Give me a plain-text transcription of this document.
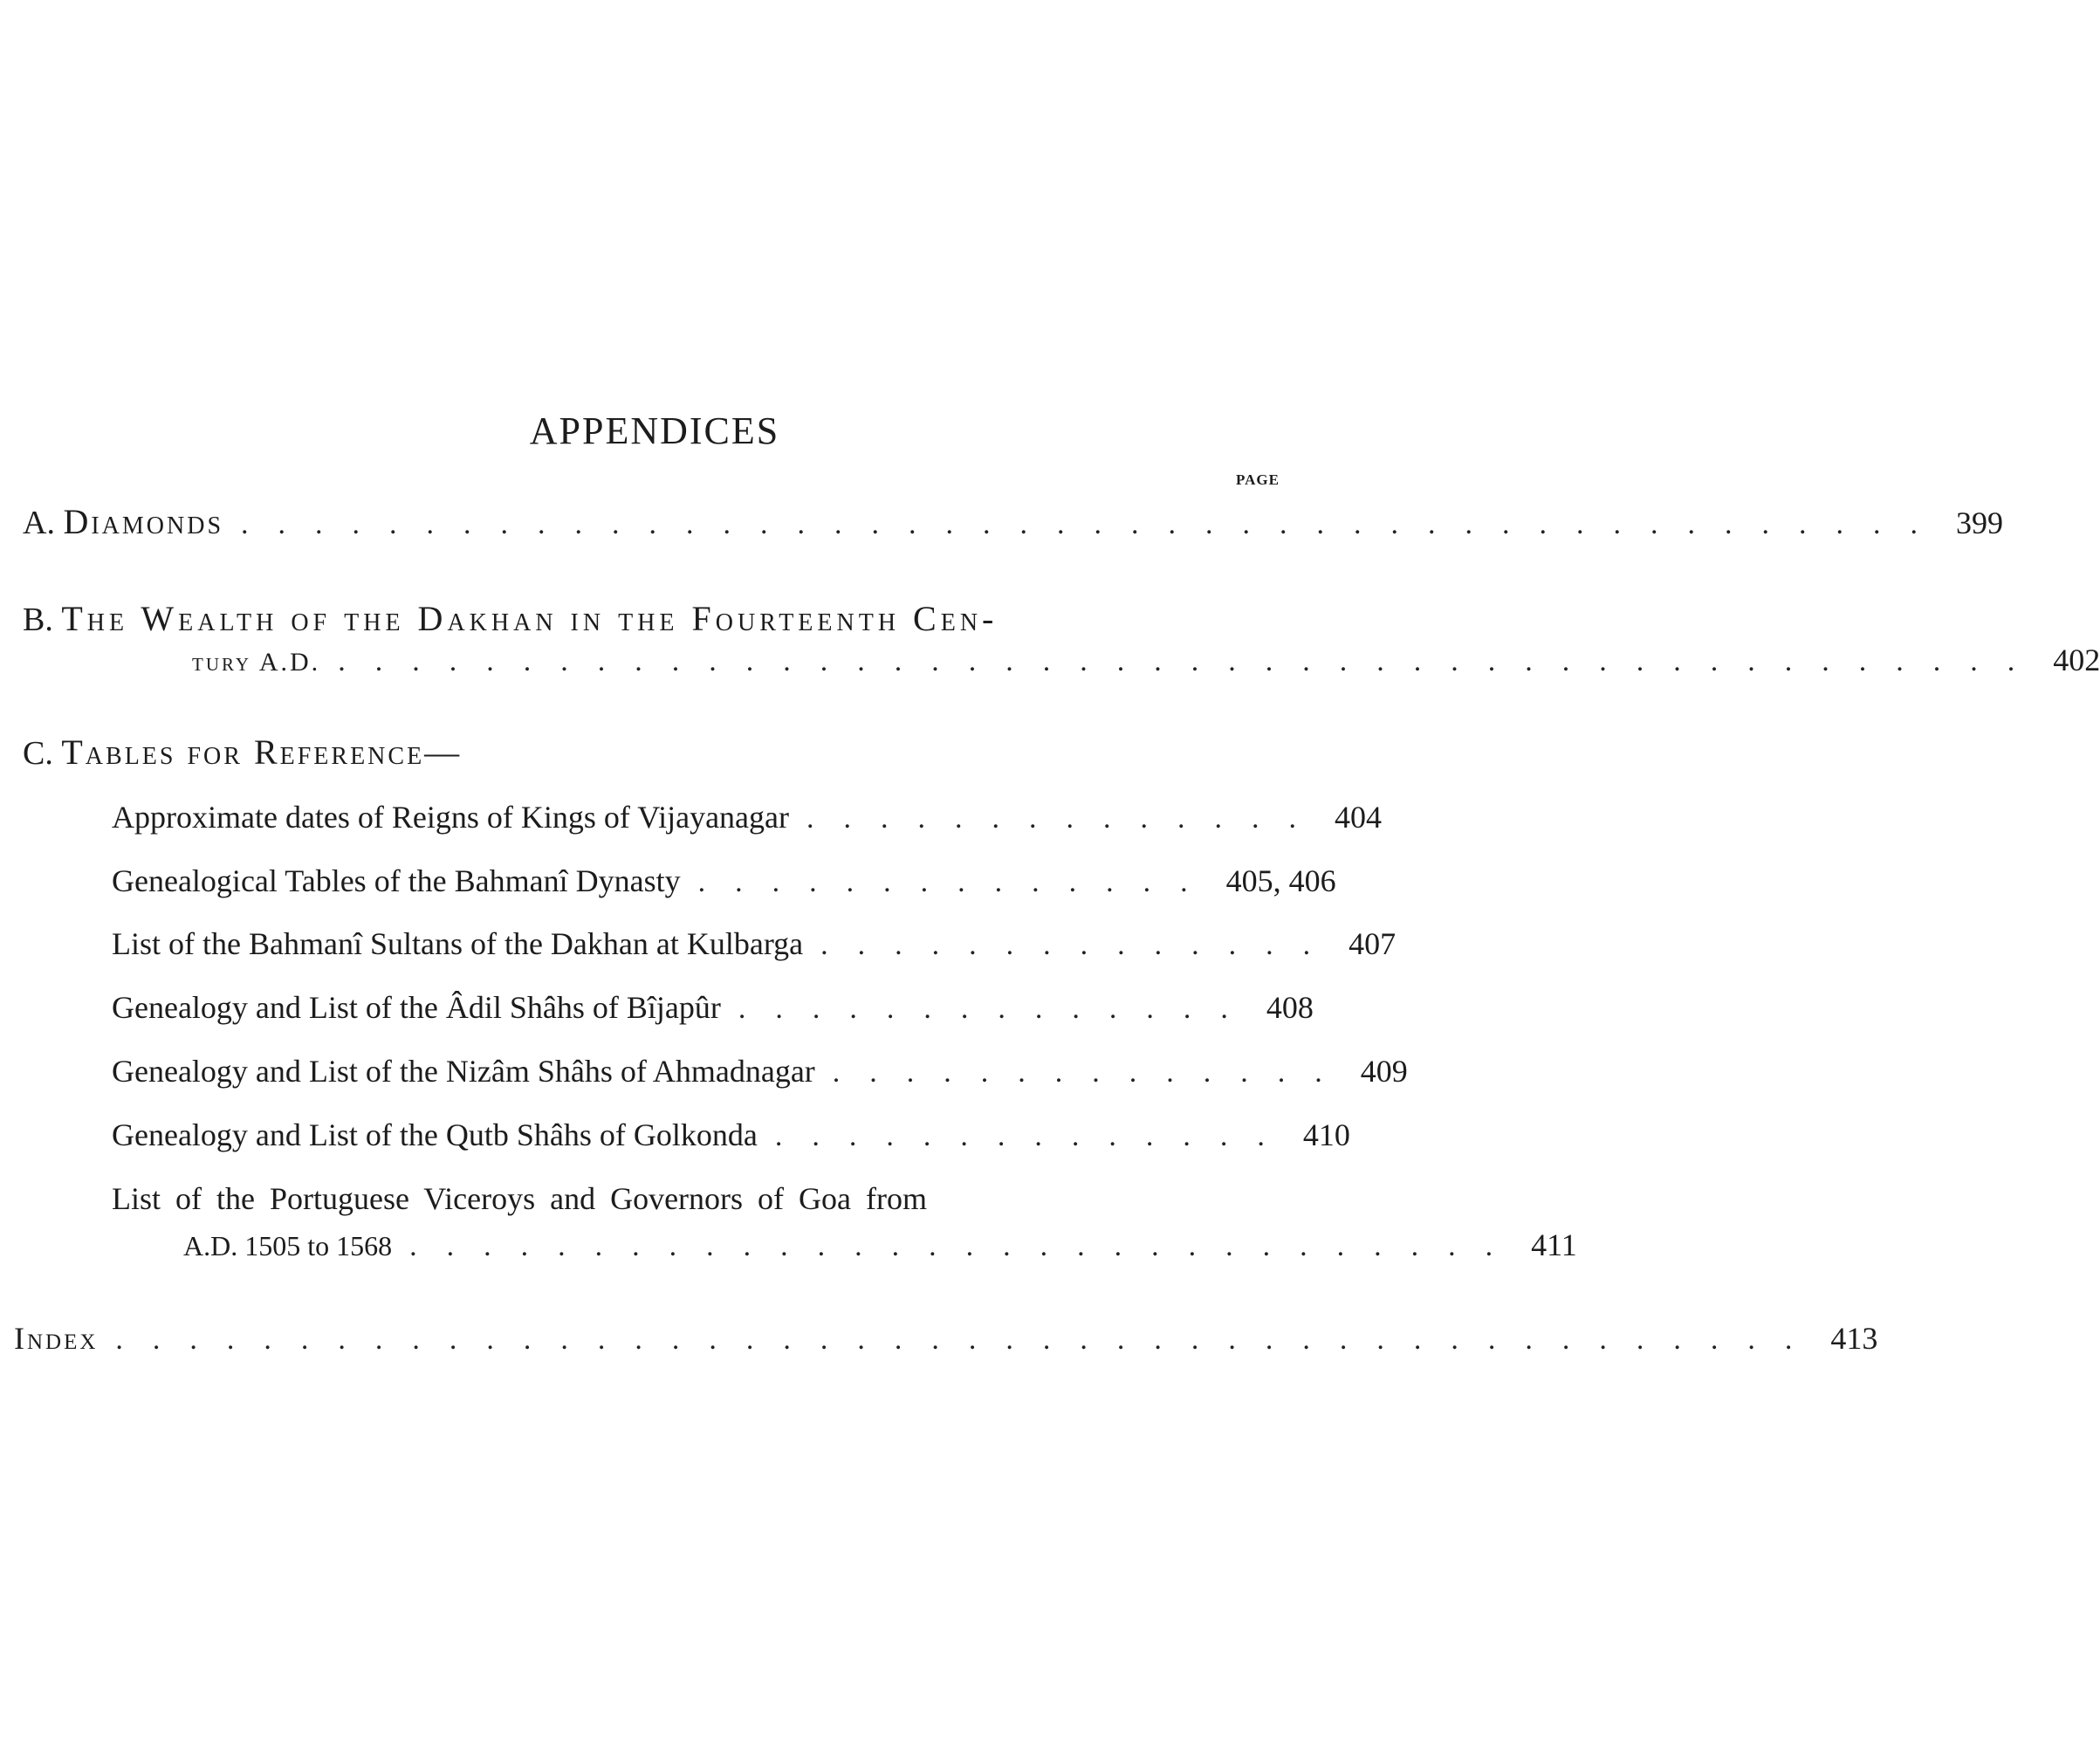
APPENDICES
PAGE
A. Diamonds .............................................. 399
B. The Wealth of the Dakhan in the Fourteenth Cen-
tury A.D. .............................................. 402
C. Tables for Reference—
Approximate dates of Reigns of Kings of Vijayanagar .............. 404
Genealogical Tables of the Bahmanî Dynasty .............. 405, 406
List of the Bahmanî Sultans of the Dakhan at Kulbarga .............. 407
Genealogy and List of the Âdil Shâhs of Bîjapûr .............. 408
Genealogy and List of the Nizâm Shâhs of Ahmadnagar .............. 409
Genealogy and List of the Qutb Shâhs of Golkonda .............. 410
List of the Portuguese Viceroys and Governors of Goa from
A.D. 1505 to 1568 .............................. 411
Index .............................................. 413
